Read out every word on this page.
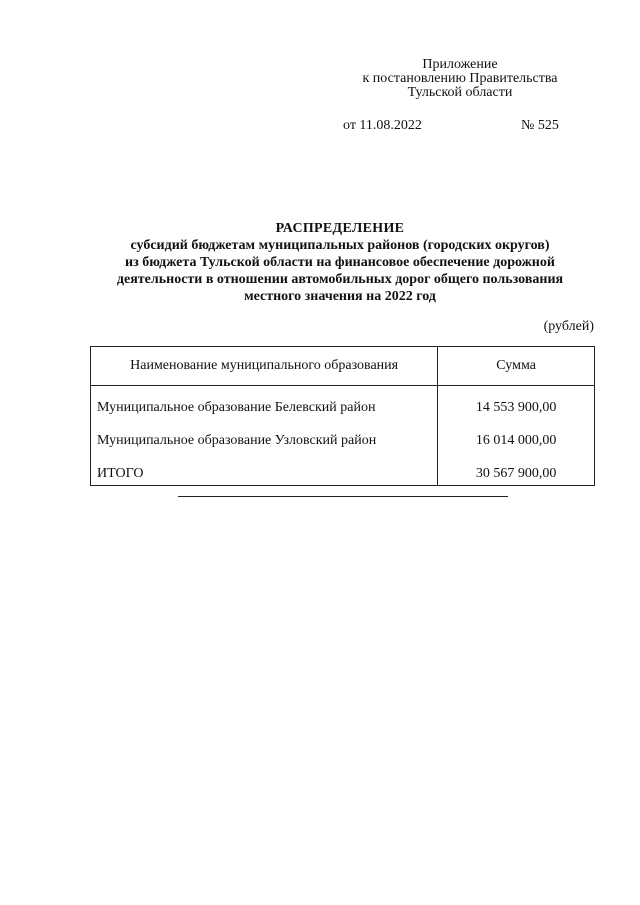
Приложение
к постановлению Правительства
Тульской области
от 11.08.2022	№ 525
РАСПРЕДЕЛЕНИЕ
субсидий бюджетам муниципальных районов (городских округов)
из бюджета Тульской области на финансовое обеспечение дорожной
деятельности в отношении автомобильных дорог общего пользования
местного значения на 2022 год
(рублей)
Наименование муниципального образования	Сумма
Муниципальное образование Белевский район	14 553 900,00
Муниципальное образование Узловский район	16 014 000,00
ИТОГО	30 567 900,00
